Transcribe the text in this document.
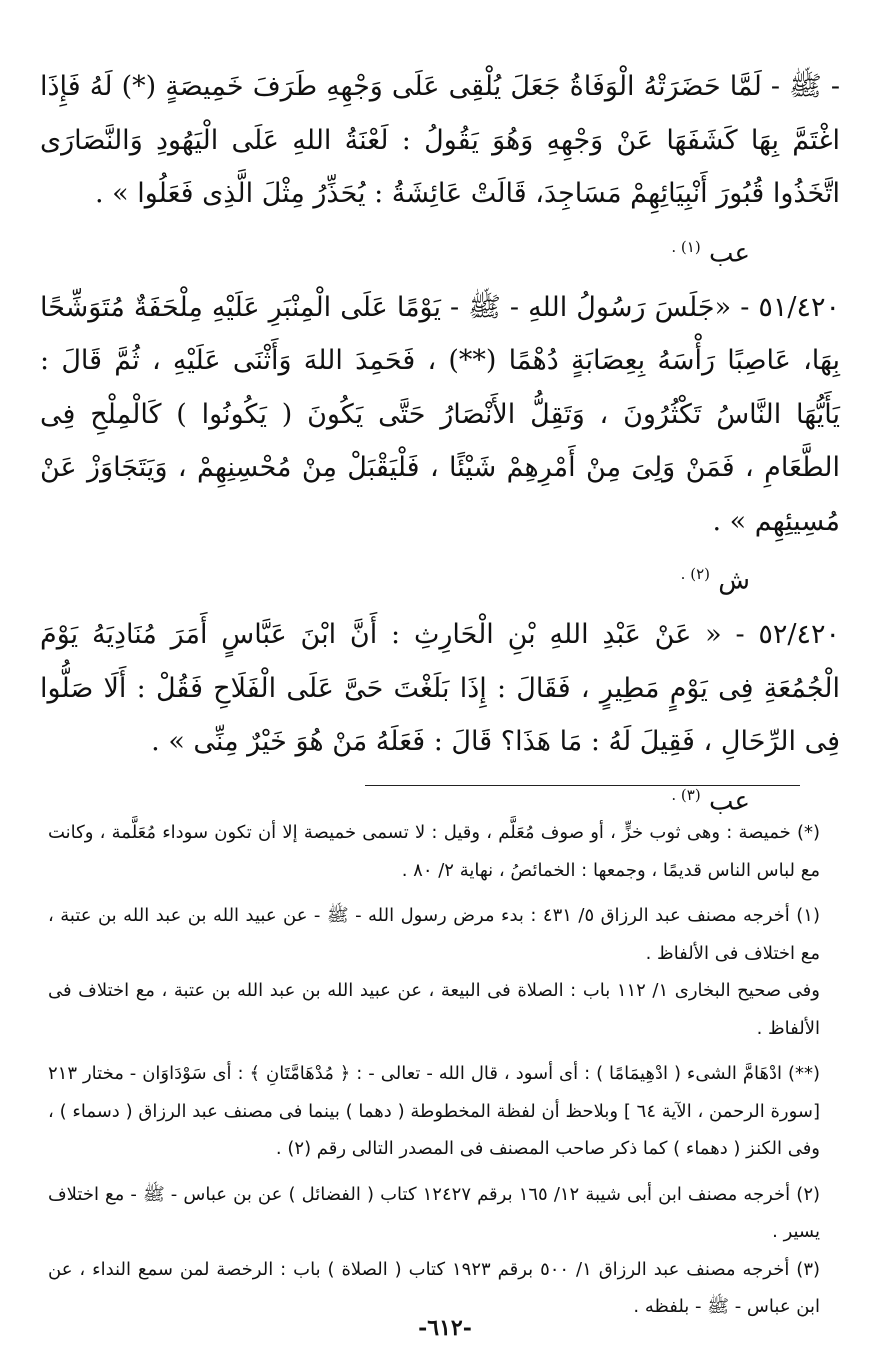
- ﷺ - لَمَّا حَضَرَتْهُ الْوَفَاةُ جَعَلَ يُلْقِى عَلَى وَجْهِهِ طَرَفَ خَمِيصَةٍ (*) لَهُ فَإِذَا اغْتَمَّ بِهَا كَشَفَهَا عَنْ وَجْهِهِ وَهُوَ يَقُولُ : لَعْنَةُ اللهِ عَلَى الْيَهُودِ وَالنَّصَارَى اتَّخَذُوا قُبُورَ أَنْبِيَائِهِمْ مَسَاجِدَ، قَالَتْ عَائِشَةُ : يُحَذِّرُ مِثْلَ الَّذِى فَعَلُوا » .

عب $^{(١) .}$

٥١/٤٢٠ - «جَلَسَ رَسُولُ اللهِ - ﷺ - يَوْمًا عَلَى الْمِنْبَرِ عَلَيْهِ مِلْحَفَةٌ مُتَوَشِّحًا بِهَا، عَاصِبًا رَأْسَهُ بِعِصَابَةٍ دُهْمًا (**) ، فَحَمِدَ اللهَ وَأَثْنَى عَلَيْهِ ، ثُمَّ قَالَ : يَأَيُّهَا النَّاسُ تَكْثُرُونَ ، وَتَقِلُّ الأَنْصَارُ حَتَّى يَكُونَ ( يَكُونُوا ) كَالْمِلْحِ فِى الطَّعَامِ ، فَمَنْ وَلِىَ مِنْ أَمْرِهِمْ شَيْئًا ، فَلْيَقْبَلْ مِنْ مُحْسِنِهِمْ ، وَيَتَجَاوَزْ عَنْ مُسِيئِهِم » .

ش $^{(٢) .}$

٥٢/٤٢٠ - « عَنْ عَبْدِ اللهِ بْنِ الْحَارِثِ : أَنَّ ابْنَ عَبَّاسٍ أَمَرَ مُنَادِيَهُ يَوْمَ الْجُمُعَةِ فِى يَوْمٍ مَطِيرٍ ، فَقَالَ : إِذَا بَلَغْتَ حَىَّ عَلَى الْفَلَاحِ فَقُلْ : أَلَا صَلُّوا فِى الرِّحَالِ ، فَقِيلَ لَهُ : مَا هَذَا؟ قَالَ : فَعَلَهُ مَنْ هُوَ خَيْرٌ مِنِّى » .

عب $^{(٣) .}$

(*) خميصة : وهى ثوب خزٍّ ، أو صوف مُعَلَّم ، وقيل : لا تسمى خميصة إلا أن تكون سوداء مُعَلَّمة ، وكانت مع لباس الناس قديمًا ، وجمعها : الخمائصُ ، نهاية ٢/ ٨٠ .

(١) أخرجه مصنف عبد الرزاق ٥/ ٤٣١ : بدء مرض رسول الله - ﷺ - عن عبيد الله بن عبد الله بن عتبة ، مع اختلاف فى الألفاظ .

وفى صحيح البخارى ١/ ١١٢ باب : الصلاة فى البيعة ، عن عبيد الله بن عبد الله بن عتبة ، مع اختلاف فى الألفاظ .

(**) ادْهَامَّ الشىء ( ادْهِيمَامًا ) : أى أسود ، قال الله - تعالى - : ﴿ مُدْهَامَّتَانِ ﴾ : أى سَوْدَاوَان - مختار ٢١٣ [سورة الرحمن ، الآية ٦٤ ] وبلاحظ أن لفظة المخطوطة ( دهما ) بينما فى مصنف عبد الرزاق ( دسماء ) ، وفى الكنز ( دهماء ) كما ذكر صاحب المصنف فى المصدر التالى رقم (٢) .

(٢) أخرجه مصنف ابن أبى شيبة ١٢/ ١٦٥ برقم ١٢٤٢٧ كتاب ( الفضائل ) عن بن عباس - ﷺ - مع اختلاف يسير .

(٣) أخرجه مصنف عبد الرزاق ١/ ٥٠٠ برقم ١٩٢٣ كتاب ( الصلاة ) باب : الرخصة لمن سمع النداء ، عن ابن عباس - ﷺ - بلفظه .

-٦١٢-
